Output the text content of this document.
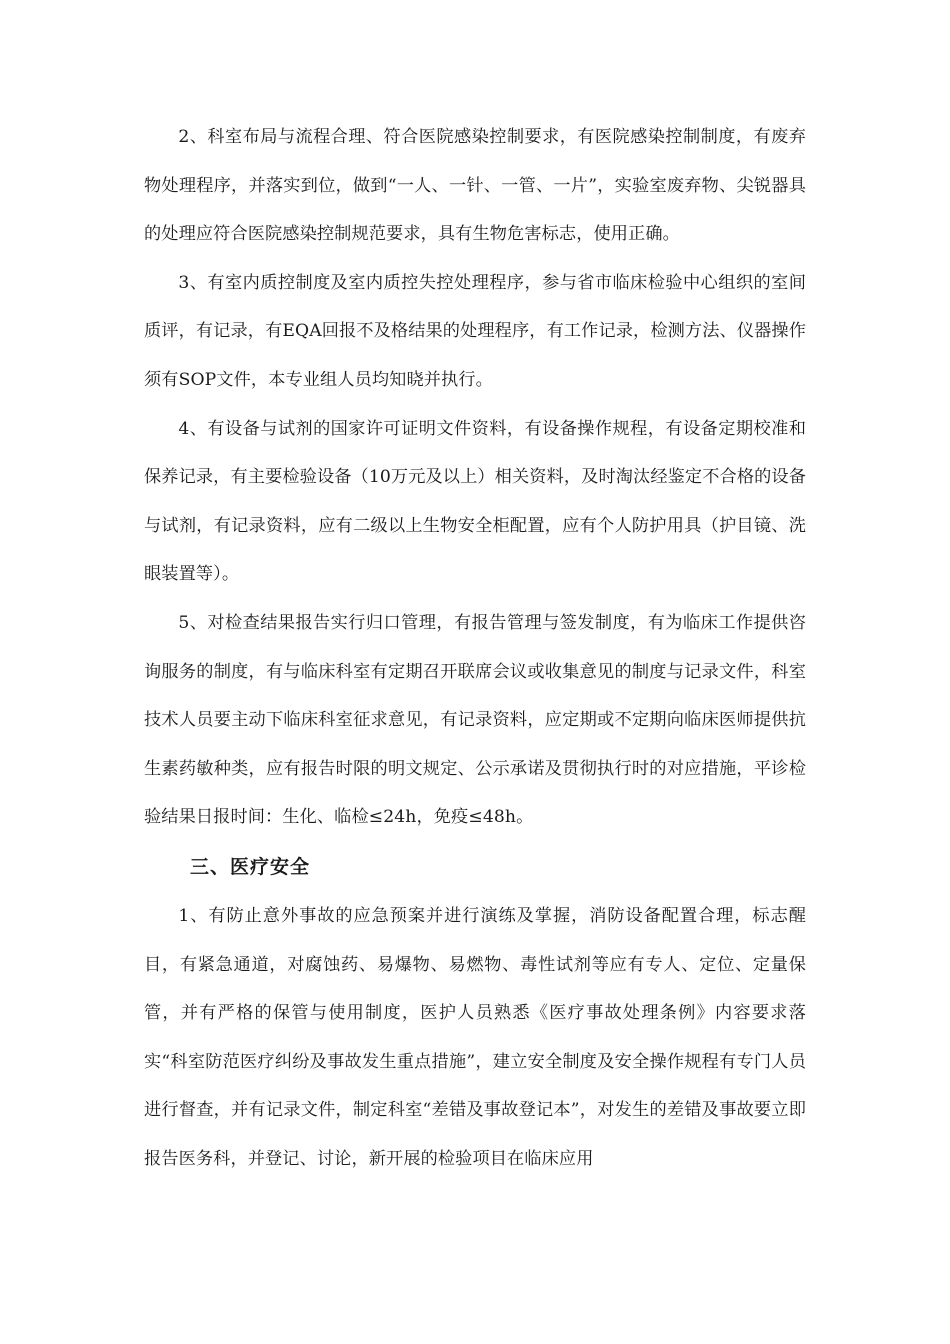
2、科室布局与流程合理、符合医院感染控制要求，有医院感染控制制度，有废弃物处理程序，并落实到位，做到“一人、一针、一管、一片”，实验室废弃物、尖锐器具的处理应符合医院感染控制规范要求，具有生物危害标志，使用正确。

3、有室内质控制度及室内质控失控处理程序，参与省市临床检验中心组织的室间质评，有记录，有EQA回报不及格结果的处理程序，有工作记录，检测方法、仪器操作须有SOP文件，本专业组人员均知晓并执行。

4、有设备与试剂的国家许可证明文件资料，有设备操作规程，有设备定期校准和保养记录，有主要检验设备（10万元及以上）相关资料，及时淘汰经鉴定不合格的设备与试剂，有记录资料，应有二级以上生物安全柜配置，应有个人防护用具（护目镜、洗眼装置等）。

5、对检查结果报告实行归口管理，有报告管理与签发制度，有为临床工作提供咨询服务的制度，有与临床科室有定期召开联席会议或收集意见的制度与记录文件，科室技术人员要主动下临床科室征求意见，有记录资料，应定期或不定期向临床医师提供抗生素药敏种类，应有报告时限的明文规定、公示承诺及贯彻执行时的对应措施，平诊检验结果日报时间：生化、临检≤24h，免疫≤48h。

三、医疗安全

1、有防止意外事故的应急预案并进行演练及掌握，消防设备配置合理，标志醒目，有紧急通道，对腐蚀药、易爆物、易燃物、毒性试剂等应有专人、定位、定量保管，并有严格的保管与使用制度，医护人员熟悉《医疗事故处理条例》内容要求落实“科室防范医疗纠纷及事故发生重点措施”，建立安全制度及安全操作规程有专门人员进行督查，并有记录文件，制定科室“差错及事故登记本”，对发生的差错及事故要立即报告医务科，并登记、讨论，新开展的检验项目在临床应用
